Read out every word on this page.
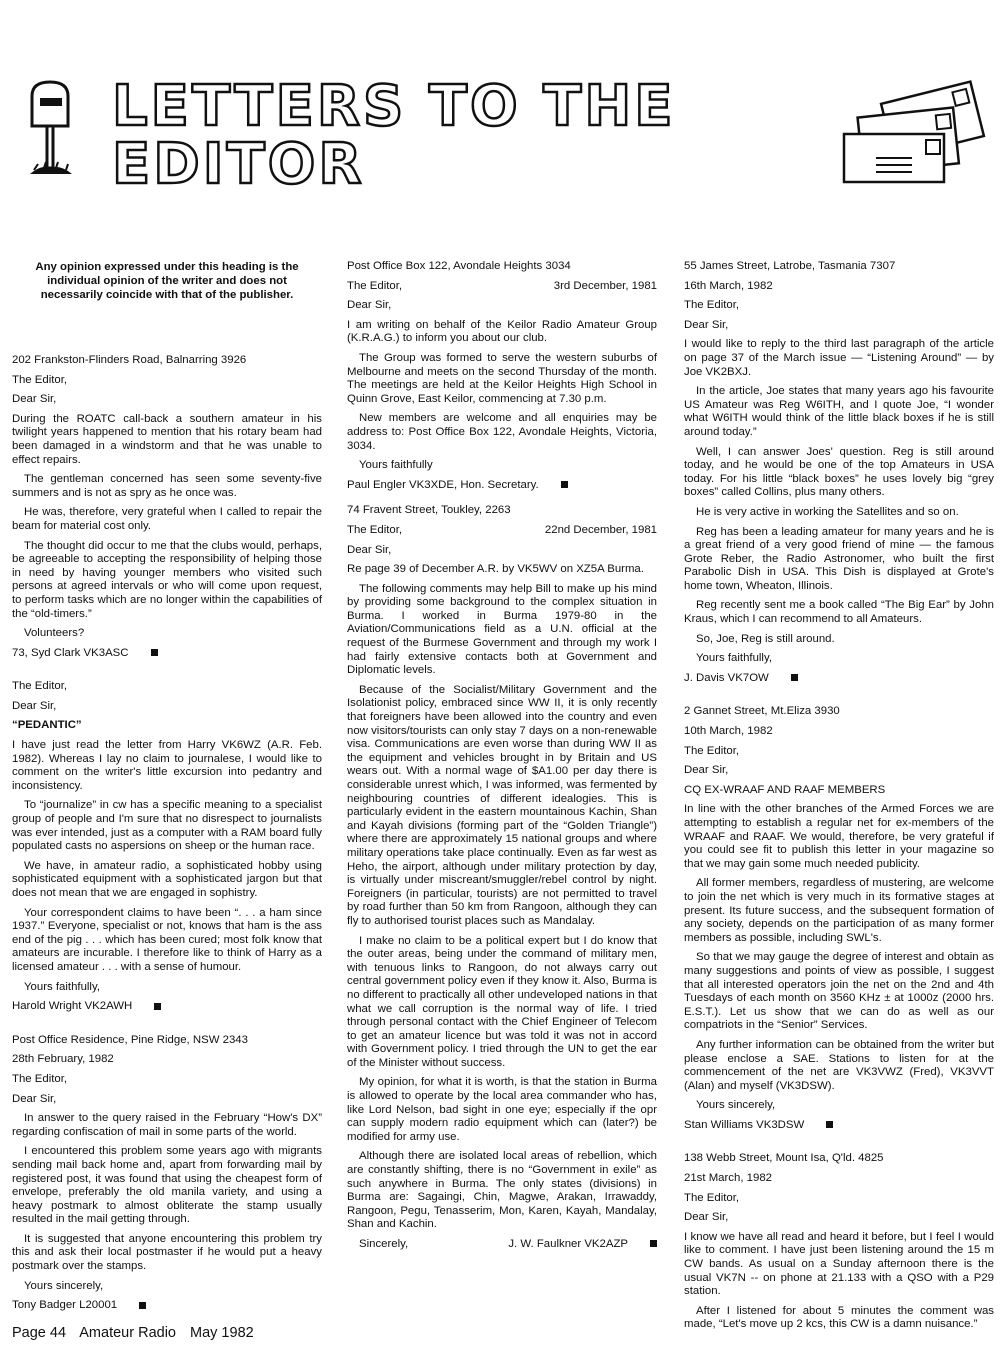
LETTERS TO THE
EDITOR
Any opinion expressed under this heading is the individual opinion of the writer and does not necessarily coincide with that of the publisher.

202 Frankston-Flinders Road, Balnarring 3926

The Editor,

Dear Sir,

During the ROATC call-back a southern amateur in his twilight years happened to mention that his rotary beam had been damaged in a windstorm and that he was unable to effect repairs.

The gentleman concerned has seen some seventy-five summers and is not as spry as he once was.

He was, therefore, very grateful when I called to repair the beam for material cost only.

The thought did occur to me that the clubs would, perhaps, be agreeable to accepting the responsibility of helping those in need by having younger members who visited such persons at agreed intervals or who will come upon request, to perform tasks which are no longer within the capabilities of the “old-timers.”

Volunteers?

73, Syd Clark VK3ASC

The Editor,

Dear Sir,

“PEDANTIC”

I have just read the letter from Harry VK6WZ (A.R. Feb. 1982). Whereas I lay no claim to journalese, I would like to comment on the writer's little excursion into pedantry and inconsistency.

To “journalize” in cw has a specific meaning to a specialist group of people and I'm sure that no disrespect to journalists was ever intended, just as a computer with a RAM board fully populated casts no aspersions on sheep or the human race.

We have, in amateur radio, a sophisticated hobby using sophisticated equipment with a sophisticated jargon but that does not mean that we are engaged in sophistry.

Your correspondent claims to have been “. . . a ham since 1937.” Everyone, specialist or not, knows that ham is the ass end of the pig . . . which has been cured; most folk know that amateurs are incurable. I therefore like to think of Harry as a licensed amateur . . . with a sense of humour.

Yours faithfully,

Harold Wright VK2AWH

Post Office Residence, Pine Ridge, NSW 2343

28th February, 1982

The Editor,

Dear Sir,

In answer to the query raised in the February “How's DX” regarding confiscation of mail in some parts of the world.

I encountered this problem some years ago with migrants sending mail back home and, apart from forwarding mail by registered post, it was found that using the cheapest form of envelope, preferably the old manila variety, and using a heavy postmark to almost obliterate the stamp usually resulted in the mail getting through.

It is suggested that anyone encountering this problem try this and ask their local postmaster if he would put a heavy postmark over the stamps.

Yours sincerely,

Tony Badger L20001

Post Office Box 122, Avondale Heights 3034

The Editor,	3rd December, 1981

Dear Sir,

I am writing on behalf of the Keilor Radio Amateur Group (K.R.A.G.) to inform you about our club.

The Group was formed to serve the western suburbs of Melbourne and meets on the second Thursday of the month. The meetings are held at the Keilor Heights High School in Quinn Grove, East Keilor, commencing at 7.30 p.m.

New members are welcome and all enquiries may be address to: Post Office Box 122, Avondale Heights, Victoria, 3034.

Yours faithfully

Paul Engler VK3XDE, Hon. Secretary.

74 Fravent Street, Toukley, 2263

The Editor,	22nd December, 1981

Dear Sir,

Re page 39 of December A.R. by VK5WV on XZ5A Burma.

The following comments may help Bill to make up his mind by providing some background to the complex situation in Burma. I worked in Burma 1979-80 in the Aviation/Communications field as a U.N. official at the request of the Burmese Government and through my work I had fairly extensive contacts both at Government and Diplomatic levels.

Because of the Socialist/Military Government and the Isolationist policy, embraced since WW II, it is only recently that foreigners have been allowed into the country and even now visitors/tourists can only stay 7 days on a non-renewable visa. Communications are even worse than during WW II as the equipment and vehicles brought in by Britain and US wears out. With a normal wage of $A1.00 per day there is considerable unrest which, I was informed, was fermented by neighbouring countries of different idealogies. This is particularly evident in the eastern mountainous Kachin, Shan and Kayah divisions (forming part of the “Golden Triangle”) where there are approximately 15 national groups and where military operations take place continually. Even as far west as Heho, the airport, although under military protection by day, is virtually under miscreant/smuggler/rebel control by night. Foreigners (in particular, tourists) are not permitted to travel by road further than 50 km from Rangoon, although they can fly to authorised tourist places such as Mandalay.

I make no claim to be a political expert but I do know that the outer areas, being under the command of military men, with tenuous links to Rangoon, do not always carry out central government policy even if they know it. Also, Burma is no different to practically all other undeveloped nations in that what we call corruption is the normal way of life. I tried through personal contact with the Chief Engineer of Telecom to get an amateur licence but was told it was not in accord with Government policy. I tried through the UN to get the ear of the Minister without success.

My opinion, for what it is worth, is that the station in Burma is allowed to operate by the local area commander who has, like Lord Nelson, bad sight in one eye; especially if the opr can supply modern radio equipment which can (later?) be modified for army use.

Although there are isolated local areas of rebellion, which are constantly shifting, there is no “Government in exile” as such anywhere in Burma. The only states (divisions) in Burma are: Sagaingi, Chin, Magwe, Arakan, Irrawaddy, Rangoon, Pegu, Tenasserim, Mon, Karen, Kayah, Mandalay, Shan and Kachin.

Sincerely,	J. W. Faulkner VK2AZP

55 James Street, Latrobe, Tasmania 7307

16th March, 1982

The Editor,

Dear Sir,

I would like to reply to the third last paragraph of the article on page 37 of the March issue — “Listening Around” — by Joe VK2BXJ.

In the article, Joe states that many years ago his favourite US Amateur was Reg W6ITH, and I quote Joe, “I wonder what W6ITH would think of the little black boxes if he is still around today.”

Well, I can answer Joes' question. Reg is still around today, and he would be one of the top Amateurs in USA today. For his little “black boxes” he uses lovely big “grey boxes” called Collins, plus many others.

He is very active in working the Satellites and so on.

Reg has been a leading amateur for many years and he is a great friend of a very good friend of mine — the famous Grote Reber, the Radio Astronomer, who built the first Parabolic Dish in USA. This Dish is displayed at Grote's home town, Wheaton, Illinois.

Reg recently sent me a book called “The Big Ear” by John Kraus, which I can recommend to all Amateurs.

So, Joe, Reg is still around.

Yours faithfully,

J. Davis VK7OW

2 Gannet Street, Mt.Eliza 3930

10th March, 1982

The Editor,

Dear Sir,

CQ EX-WRAAF AND RAAF MEMBERS

In line with the other branches of the Armed Forces we are attempting to establish a regular net for ex-members of the WRAAF and RAAF. We would, therefore, be very grateful if you could see fit to publish this letter in your magazine so that we may gain some much needed publicity.

All former members, regardless of mustering, are welcome to join the net which is very much in its formative stages at present. Its future success, and the subsequent formation of any society, depends on the participation of as many former members as possible, including SWL's.

So that we may gauge the degree of interest and obtain as many suggestions and points of view as possible, I suggest that all interested operators join the net on the 2nd and 4th Tuesdays of each month on 3560 KHz ± at 1000z (2000 hrs. E.S.T.). Let us show that we can do as well as our compatriots in the “Senior” Services.

Any further information can be obtained from the writer but please enclose a SAE. Stations to listen for at the commencement of the net are VK3VWZ (Fred), VK3VVT (Alan) and myself (VK3DSW).

Yours sincerely,

Stan Williams VK3DSW

138 Webb Street, Mount Isa, Q'ld. 4825

21st March, 1982

The Editor,

Dear Sir,

I know we have all read and heard it before, but I feel I would like to comment. I have just been listening around the 15 m CW bands. As usual on a Sunday afternoon there is the usual VK7N -- on phone at 21.133 with a QSO with a P29 station.

After I listened for about 5 minutes the comment was made, “Let's move up 2 kcs, this CW is a damn nuisance.”

Page 44 Amateur Radio May 1982
